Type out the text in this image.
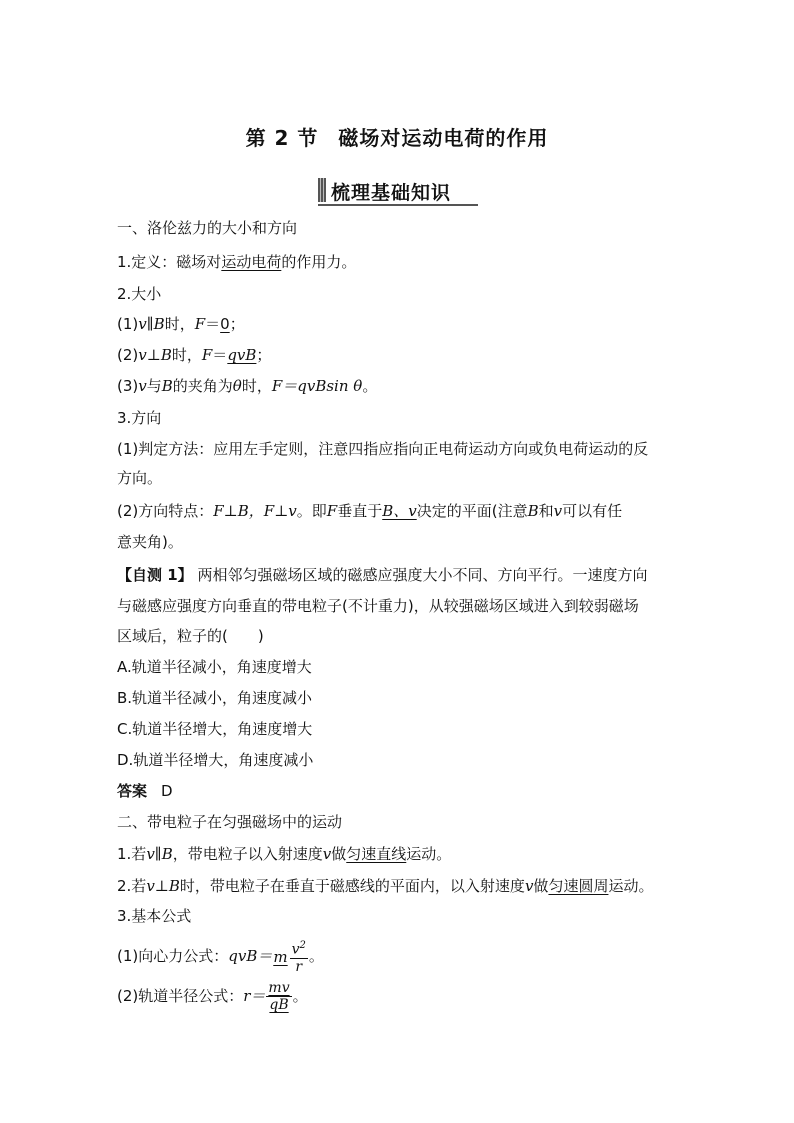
第 2 节 磁场对运动电荷的作用
梳理基础知识
一、洛伦兹力的大小和方向
1.定义：磁场对运动电荷的作用力。
2.大小
(1)v∥B时，F＝0；
(2)v⊥B时，F＝qvB；
(3)v与B的夹角为θ时，F＝qvBsin θ。
3.方向
(1)判定方法：应用左手定则，注意四指应指向正电荷运动方向或负电荷运动的反
方向。
(2)方向特点：F⊥B，F⊥v。即F垂直于B、v决定的平面(注意B和v可以有任
意夹角)。
【自测 1】 两相邻匀强磁场区域的磁感应强度大小不同、方向平行。一速度方向
与磁感应强度方向垂直的带电粒子(不计重力)，从较强磁场区域进入到较弱磁场
区域后，粒子的(　　)
A.轨道半径减小，角速度增大
B.轨道半径减小，角速度减小
C.轨道半径增大，角速度增大
D.轨道半径增大，角速度减小
答案 D
二、带电粒子在匀强磁场中的运动
1.若v∥B，带电粒子以入射速度v做匀速直线运动。
2.若v⊥B时，带电粒子在垂直于磁感线的平面内，以入射速度v做匀速圆周运动。
3.基本公式
(1)向心力公式：$qvB=m \frac{v^2}{r}$ 。
(2)轨道半径公式：$r= \frac{mv}{qB}$ 。
